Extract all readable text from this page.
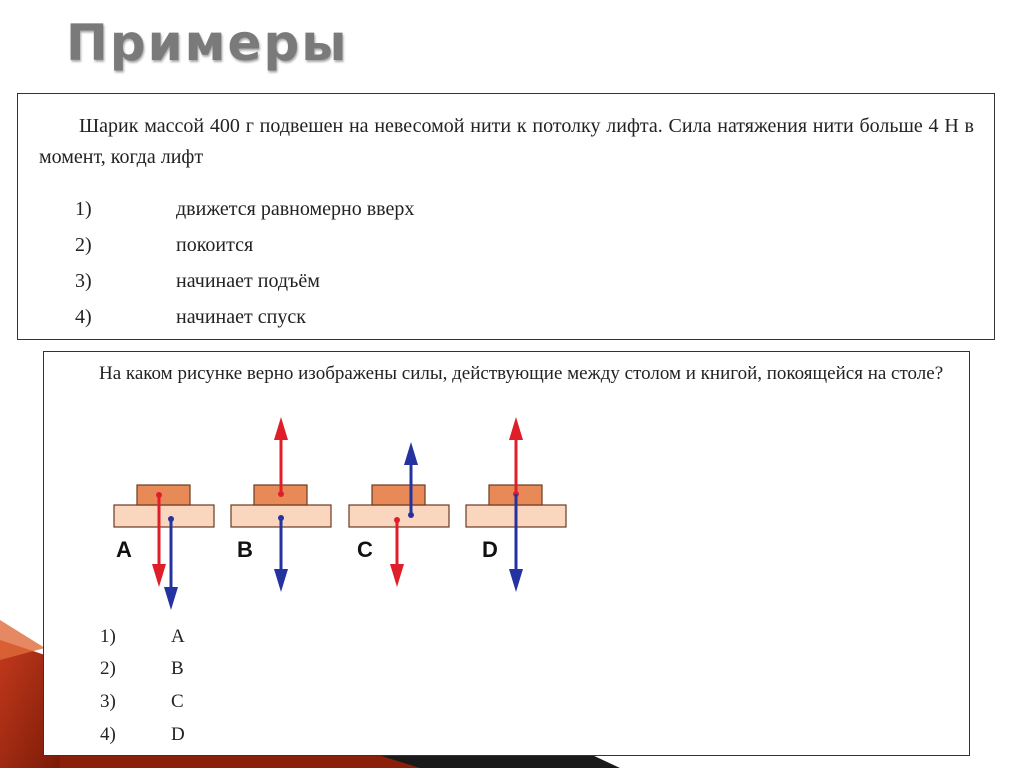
Примеры
Шарик массой 400 г подвешен на невесомой нити к потолку лифта. Сила натяжения нити больше 4 Н в момент, когда лифт
1)	движется равномерно вверх
2)	покоится
3)	начинает подъём
4)	начинает спуск
На каком рисунке верно изображены силы, действующие между столом и книгой, покоящейся на столе?
A	B	C	D
1)	A
2)	B
3)	C
4)	D
